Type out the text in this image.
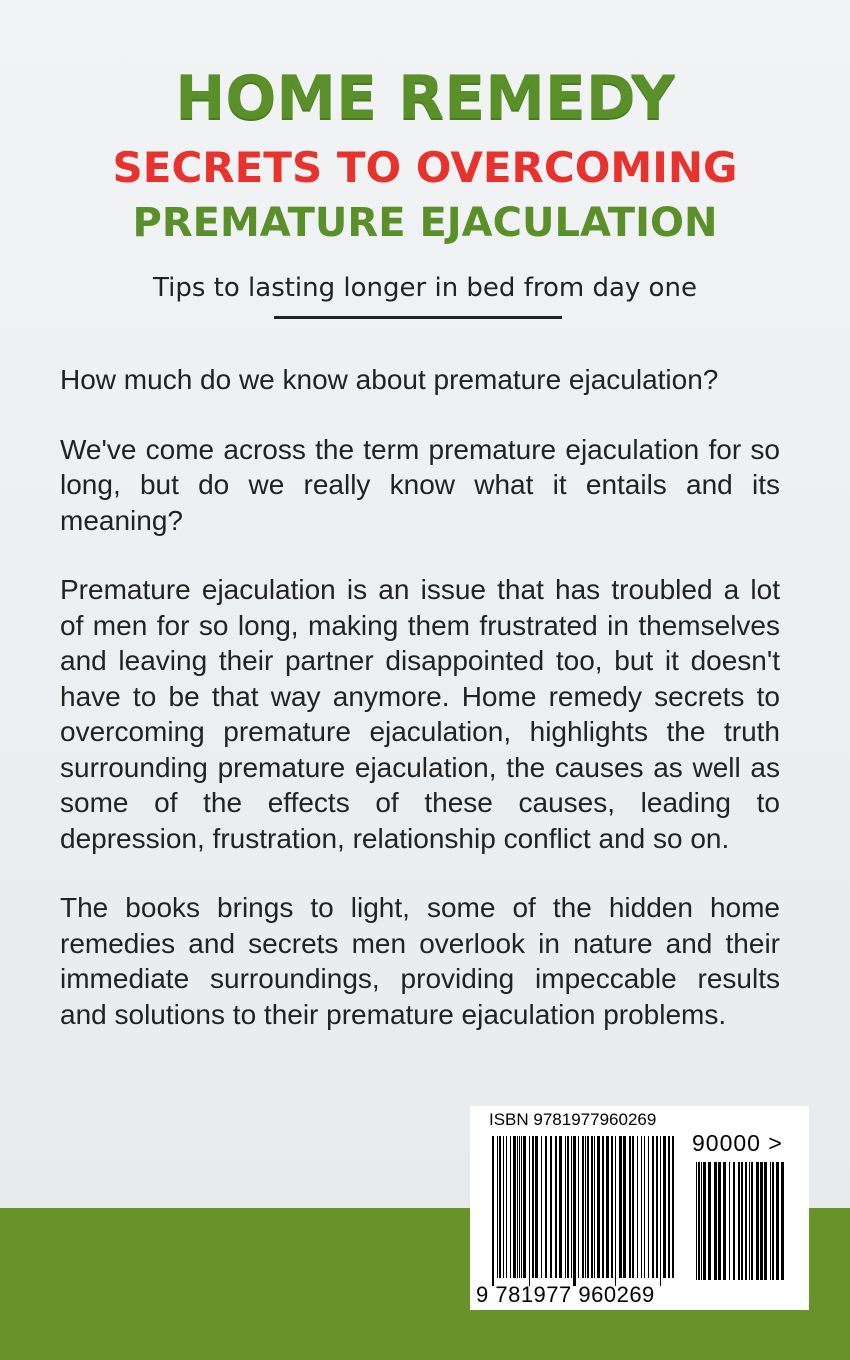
HOME REMEDY
SECRETS TO OVERCOMING
PREMATURE EJACULATION
Tips to lasting longer in bed from day one

How much do we know about premature ejaculation?

We've come across the term premature ejaculation for so long, but do we really know what it entails and its meaning?

Premature ejaculation is an issue that has troubled a lot of men for so long, making them frustrated in themselves and leaving their partner disappointed too, but it doesn't have to be that way anymore. Home remedy secrets to overcoming premature ejaculation, highlights the truth surrounding premature ejaculation, the causes as well as some of the effects of these causes, leading to depression, frustration, relationship conflict and so on.

The books brings to light, some of the hidden home remedies and secrets men overlook in nature and their immediate surroundings, providing impeccable results and solutions to their premature ejaculation problems.

ISBN 9781977960269
90000 >
9 781977 960269
